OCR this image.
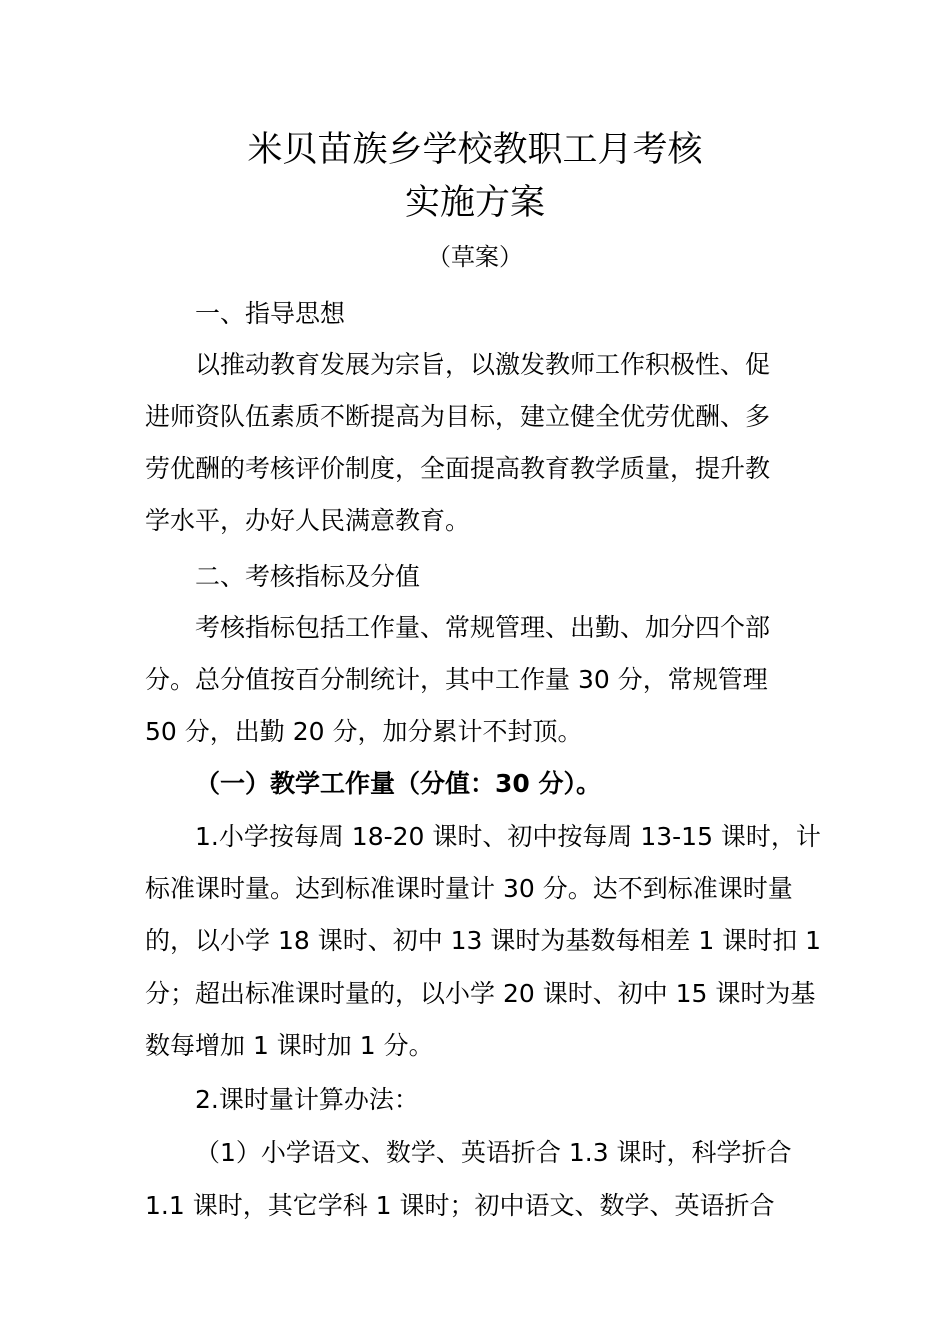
米贝苗族乡学校教职工月考核
实施方案
（草案）
一、指导思想
以推动教育发展为宗旨，以激发教师工作积极性、促
进师资队伍素质不断提高为目标，建立健全优劳优酬、多
劳优酬的考核评价制度，全面提高教育教学质量，提升教
学水平，办好人民满意教育。
二、考核指标及分值
考核指标包括工作量、常规管理、出勤、加分四个部
分。总分值按百分制统计，其中工作量 30 分，常规管理
50 分，出勤 20 分，加分累计不封顶。
（一）教学工作量（分值：30 分）。
1.小学按每周 18-20 课时、初中按每周 13-15 课时，计
标准课时量。达到标准课时量计 30 分。达不到标准课时量
的，以小学 18 课时、初中 13 课时为基数每相差 1 课时扣 1
分；超出标准课时量的，以小学 20 课时、初中 15 课时为基
数每增加 1 课时加 1 分。
2.课时量计算办法：
（1）小学语文、数学、英语折合 1.3 课时，科学折合
1.1 课时，其它学科 1 课时；初中语文、数学、英语折合
